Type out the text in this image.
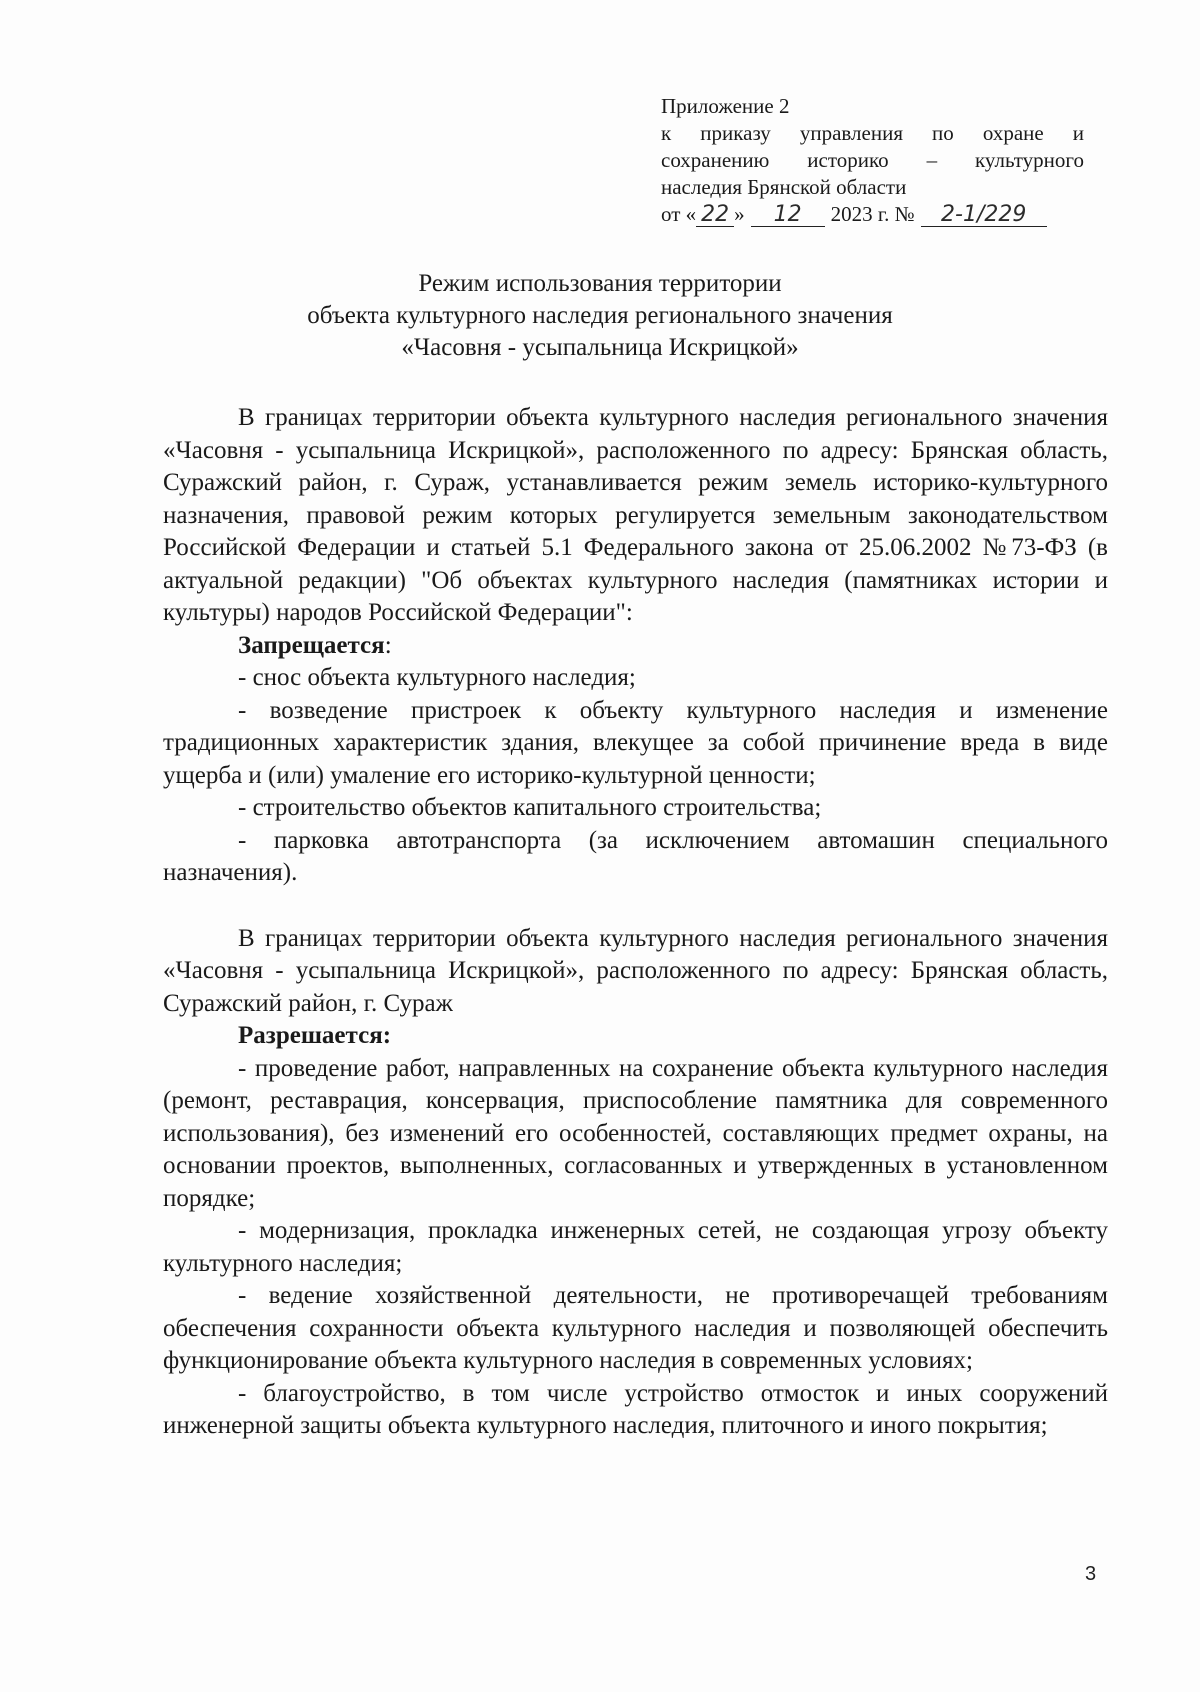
Приложение 2
к приказу управления по охране и
сохранению историко – культурного
наследия Брянской области
от « 22 »	12	2023 г. №	2-1/229
Режим использования территории
объекта культурного наследия регионального значения
«Часовня - усыпальница Искрицкой»

В границах территории объекта культурного наследия регионального значения «Часовня - усыпальница Искрицкой», расположенного по адресу: Брянская область, Суражский район, г. Сураж, устанавливается режим земель историко-культурного назначения, правовой режим которых регулируется земельным законодательством Российской Федерации и статьей 5.1 Федерального закона от 25.06.2002 №73-ФЗ (в актуальной редакции) "Об объектах культурного наследия (памятниках истории и культуры) народов Российской Федерации":

Запрещается:

- снос объекта культурного наследия;

- возведение пристроек к объекту культурного наследия и изменение традиционных характеристик здания, влекущее за собой причинение вреда в виде ущерба и (или) умаление его историко-культурной ценности;

- строительство объектов капитального строительства;

- парковка автотранспорта (за исключением автомашин специального назначения).

В границах территории объекта культурного наследия регионального значения «Часовня - усыпальница Искрицкой», расположенного по адресу: Брянская область, Суражский район, г. Сураж

Разрешается:

- проведение работ, направленных на сохранение объекта культурного наследия (ремонт, реставрация, консервация, приспособление памятника для современного использования), без изменений его особенностей, составляющих предмет охраны, на основании проектов, выполненных, согласованных и утвержденных в установленном порядке;

- модернизация, прокладка инженерных сетей, не создающая угрозу объекту культурного наследия;

- ведение хозяйственной деятельности, не противоречащей требованиям обеспечения сохранности объекта культурного наследия и позволяющей обеспечить функционирование объекта культурного наследия в современных условиях;

- благоустройство, в том числе устройство отмосток и иных сооружений инженерной защиты объекта культурного наследия, плиточного и иного покрытия;

3
